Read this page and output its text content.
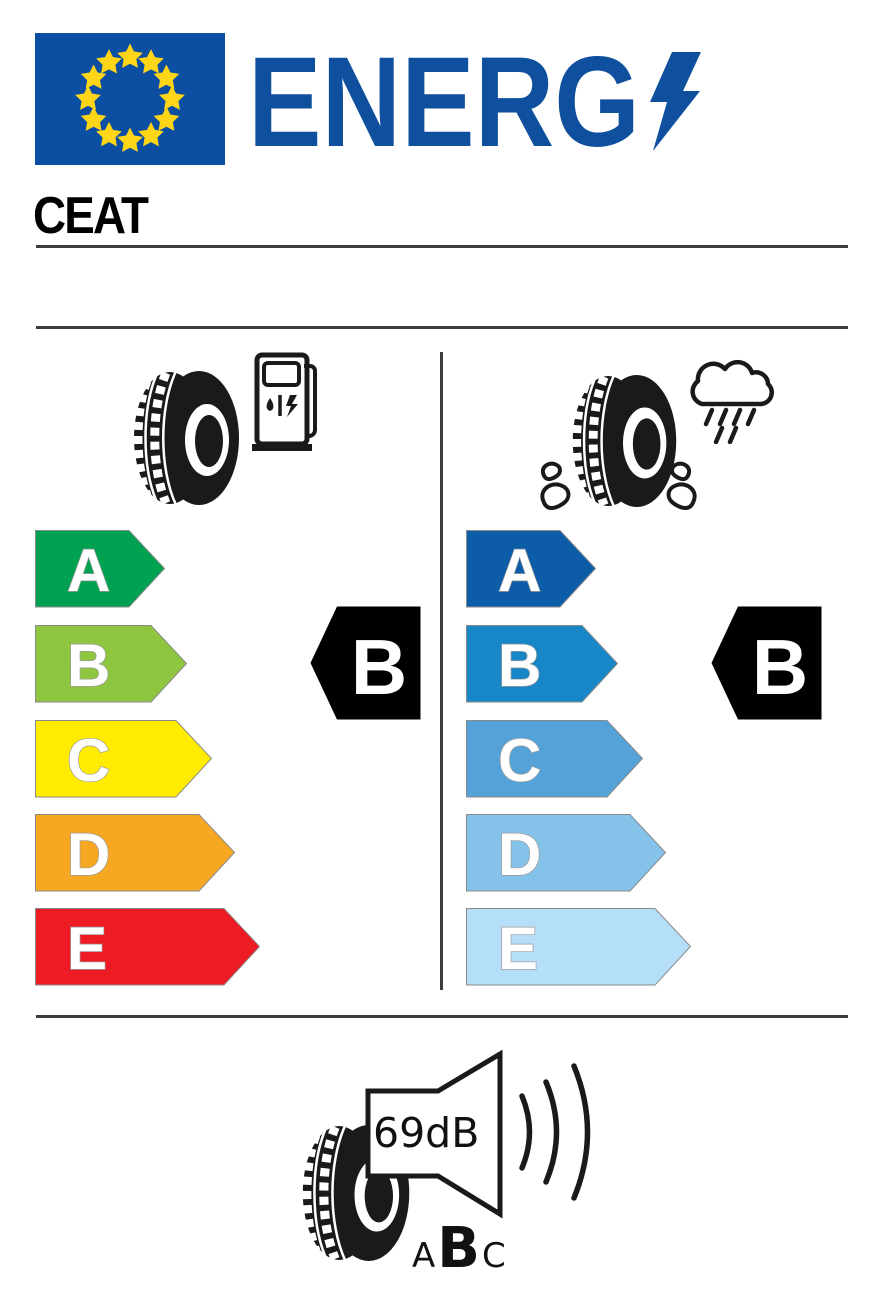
ENERG
CEAT
A
B
C
D
E
B
A
B
C
D
E
B
69dB
A B C
